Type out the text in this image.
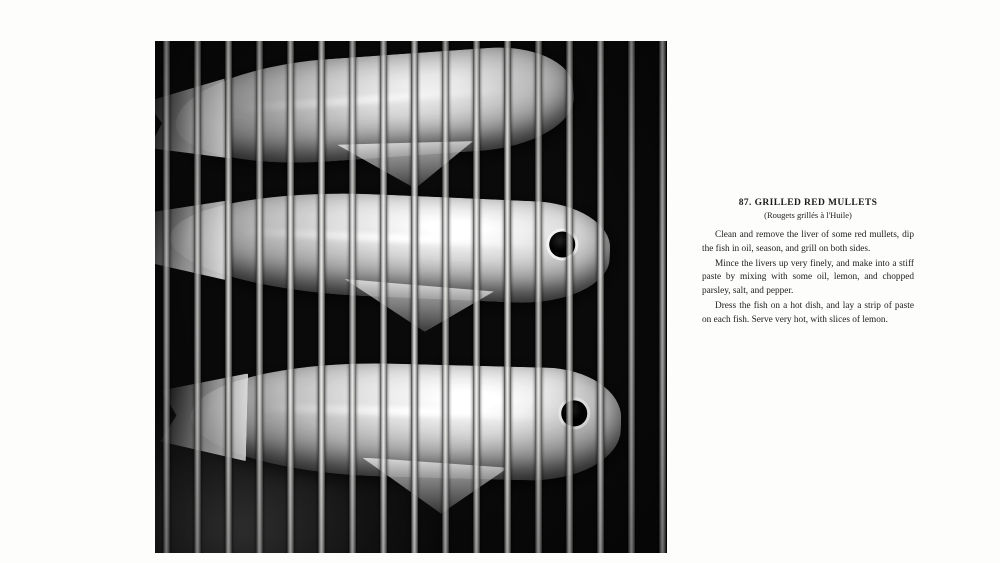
87. GRILLED RED MULLETS
(Rougets grillés à l'Huile)

Clean and remove the liver of some red mullets, dip the fish in oil, season, and grill on both sides.

Mince the livers up very finely, and make into a stiff paste by mixing with some oil, lemon, and chopped parsley, salt, and pepper.

Dress the fish on a hot dish, and lay a strip of paste on each fish. Serve very hot, with slices of lemon.
